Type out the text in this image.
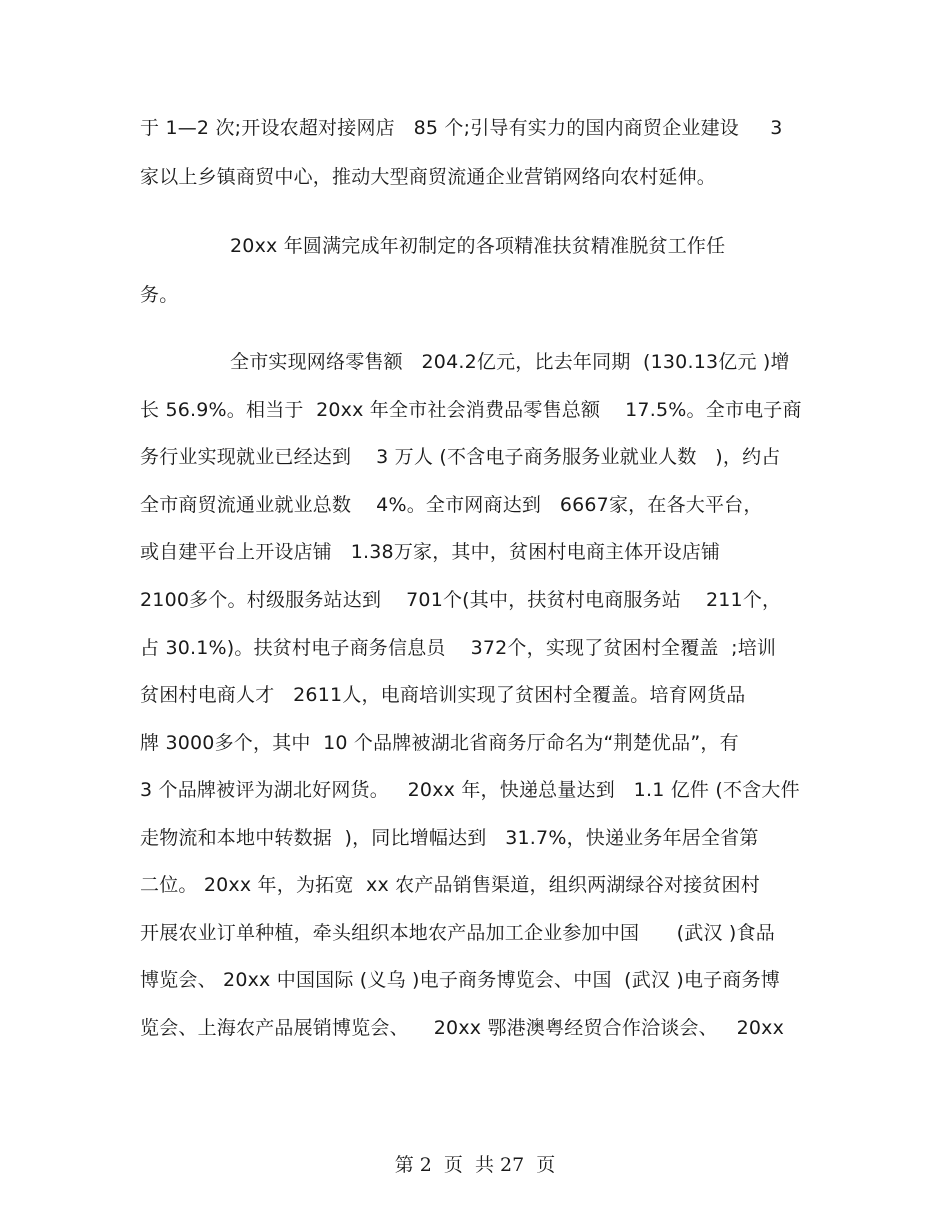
于 1—2 次;开设农超对接网店   85 个;引导有实力的国内商贸企业建设     3
家以上乡镇商贸中心，推动大型商贸流通企业营销网络向农村延伸。
20xx 年圆满完成年初制定的各项精准扶贫精准脱贫工作任
务。
全市实现网络零售额   204.2亿元，比去年同期  (130.13亿元 )增
长 56.9%。相当于  20xx 年全市社会消费品零售总额    17.5%。全市电子商
务行业实现就业已经达到    3 万人 (不含电子商务服务业就业人数   )，约占
全市商贸流通业就业总数    4%。全市网商达到   6667家，在各大平台，
或自建平台上开设店铺   1.38万家，其中，贫困村电商主体开设店铺
2100多个。村级服务站达到    701个(其中，扶贫村电商服务站    211个，
占 30.1%)。扶贫村电子商务信息员    372个，实现了贫困村全覆盖  ;培训
贫困村电商人才   2611人，电商培训实现了贫困村全覆盖。培育网货品
牌 3000多个，其中  10 个品牌被湖北省商务厅命名为“荆楚优品”，有
3 个品牌被评为湖北好网货。   20xx 年，快递总量达到   1.1 亿件 (不含大件
走物流和本地中转数据  )，同比增幅达到   31.7%，快递业务年居全省第
二位。 20xx 年，为拓宽  xx 农产品销售渠道，组织两湖绿谷对接贫困村
开展农业订单种植，牵头组织本地农产品加工企业参加中国      (武汉 )食品
博览会、 20xx 中国国际 (义乌 )电子商务博览会、中国  (武汉 )电子商务博
览会、上海农产品展销博览会、    20xx 鄂港澳粤经贸合作洽谈会、   20xx
第 2  页  共 27  页
